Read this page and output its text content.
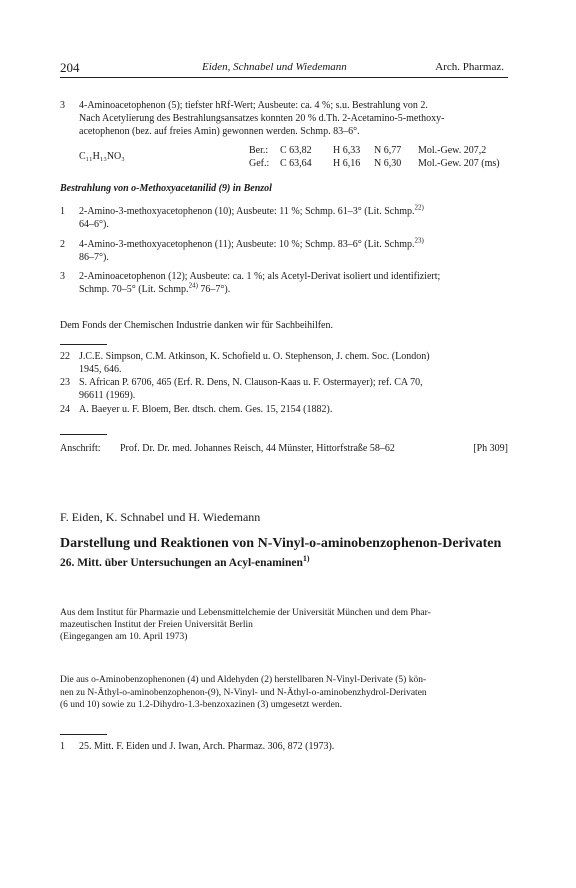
204	Eiden, Schnabel und Wiedemann	Arch. Pharmaz.
3 4-Aminoacetophenon (5); tiefster hRf-Wert; Ausbeute: ca. 4 %; s.u. Bestrahlung von 2.
Nach Acetylierung des Bestrahlungsansatzes konnten 20 % d.Th. 2-Acetamino-5-methoxy-
acetophenon (bez. auf freies Amin) gewonnen werden. Schmp. 83–6°.
C₁₁H₁₃NO₃
Ber.: C 63,82 H 6,33 N 6,77 Mol.-Gew. 207,2
Gef.: C 63,64 H 6,16 N 6,30 Mol.-Gew. 207 (ms)
Bestrahlung von o-Methoxyacetanilid (9) in Benzol
1 2-Amino-3-methoxyacetophenon (10); Ausbeute: 11 %; Schmp. 61–3° (Lit. Schmp.$^{22)}$
64–6°).
2 4-Amino-3-methoxyacetophenon (11); Ausbeute: 10 %; Schmp. 83–6° (Lit. Schmp.$^{23)}$
86–7°).
3 2-Aminoacetophenon (12); Ausbeute: ca. 1 %; als Acetyl-Derivat isoliert und identifiziert;
Schmp. 70–5° (Lit. Schmp.$^{24)}$ 76–7°).
Dem Fonds der Chemischen Industrie danken wir für Sachbeihilfen.
22 J.C.E. Simpson, C.M. Atkinson, K. Schofield u. O. Stephenson, J. chem. Soc. (London)
1945, 646.
23 S. African P. 6706, 465 (Erf. R. Dens, N. Clauson-Kaas u. F. Ostermayer); ref. CA 70,
96611 (1969).
24 A. Baeyer u. F. Bloem, Ber. dtsch. chem. Ges. 15, 2154 (1882).
Anschrift: Prof. Dr. Dr. med. Johannes Reisch, 44 Münster, Hittorfstraße 58–62	[Ph 309]
F. Eiden, K. Schnabel und H. Wiedemann
Darstellung und Reaktionen von N-Vinyl-o-aminobenzophenon-Derivaten
26. Mitt. über Untersuchungen an Acyl-enaminen$^{1)}$
Aus dem Institut für Pharmazie und Lebensmittelchemie der Universität München und dem Phar-
mazeutischen Institut der Freien Universität Berlin
(Eingegangen am 10. April 1973)
Die aus o-Aminobenzophenonen (4) und Aldehyden (2) herstellbaren N-Vinyl-Derivate (5) kön-
nen zu N-Äthyl-o-aminobenzophenon-(9), N-Vinyl- und N-Äthyl-o-aminobenzhydrol-Derivaten
(6 und 10) sowie zu 1.2-Dihydro-1.3-benzoxazinen (3) umgesetzt werden.
1 25. Mitt. F. Eiden und J. Iwan, Arch. Pharmaz. 306, 872 (1973).
